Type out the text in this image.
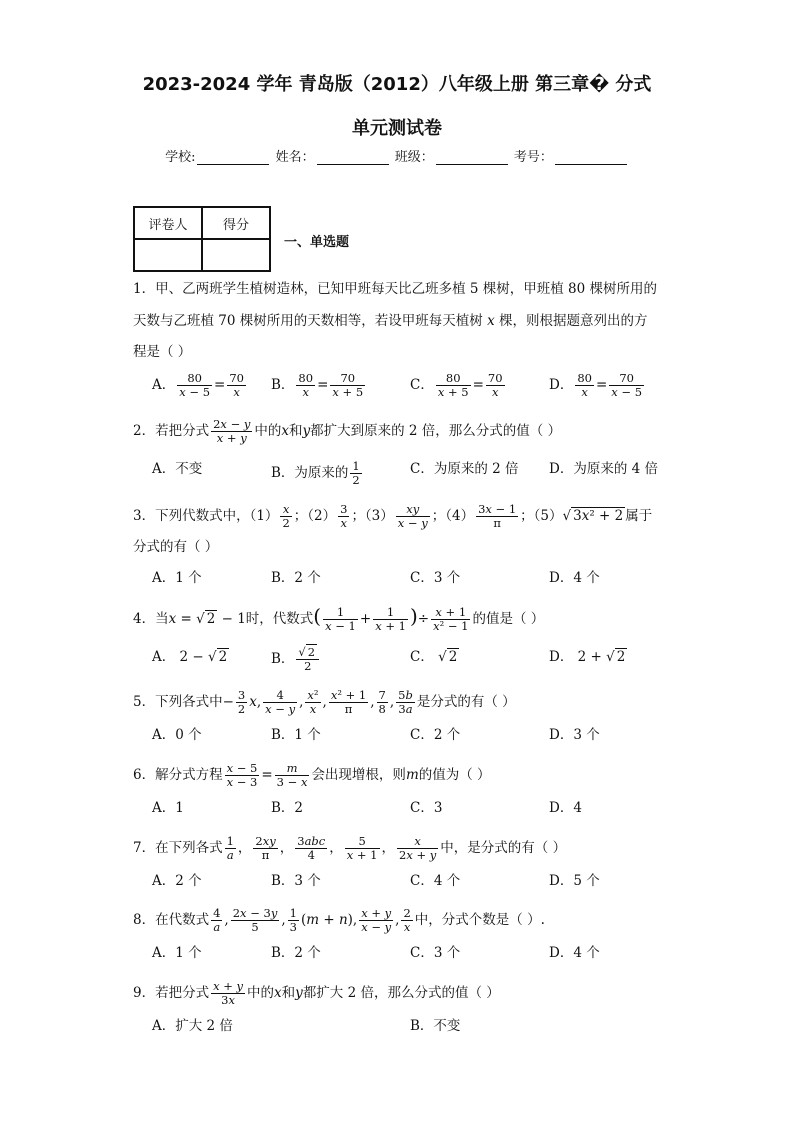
2023-2024 学年 青岛版（2012）八年级上册 第三章� 分式
单元测试卷
学校:	姓名：	班级：	考号：
评卷人	得分

一、单选题
1．甲、乙两班学生植树造林，已知甲班每天比乙班多植 5 棵树，甲班植 80 棵树所用的
天数与乙班植 70 棵树所用的天数相等，若设甲班每天植树 x 棵，则根据题意列出的方
程是（ ）
A． $\frac{80}{x - 5} = \frac{70}{x}$ B． $\frac{80}{x} = \frac{70}{x + 5}$	C． $\frac{80}{x + 5} = \frac{70}{x}$	D． $\frac{80}{x} = \frac{70}{x - 5}$
2．若把分式 $\frac{2x - y}{x + y}$ 中的x和y都扩大到原来的 2 倍，那么分式的值（ ）
A．不变	B．为原来的 $\frac{1}{2}$	C．为原来的 2 倍 D．为原来的 4 倍
3．下列代数式中，$(1) \frac{x}{2}$ ；$(2) \frac{3}{x}$ ；$(3) \frac{xy}{x - y}$ ；$(4) \frac{3x - 1}{\pi}$ ；（5）√ 3x² + 2 属于
分式的有（ ）
A．1 个	B．2 个	C．3 个	D．4 个
4．当x = √ 2 − 1时，代数式( $\frac{1}{x - 1} + \frac{1}{x + 1}$ )÷ $\frac{x + 1}{\text{x² − 1}}$ 的值是（ ）
A． 2 − √ 2	B． $\frac{√ 2}{2}$	C． √ 2	D． 2 + √ 2
5．下列各式中− $\frac{3}{2} x$, $\frac{4}{x - y}$ , $\frac{\text{x²}}{x}$ , $\frac{\text{x² + 1}}{\pi}$ , $\frac{7}{8}$ , $\frac{5b}{3a}$ 是分式的有（ ）
A．0 个	B．1 个	C．2 个	D．3 个
6．解分式方程 $\frac{x - 5}{x - 3} = \frac{m}{3 - x}$ 会出现增根，则m的值为（ ）
A．1	B．2	C．3	D．4
7．在下列各式 $\frac{1}{a}$ ， $\frac{2xy}{\pi}$ ， $\frac{\text{3abc}}{4}$ ， $\frac{5}{x + 1}$ ， $\frac{x}{2x + y}$ 中，是分式的有（ ）
A．2 个	B．3 个	C．4 个	D．5 个
8．在代数式 $\frac{4}{a}$ , $\frac{2x - 3y}{5}$ , $\frac{1}{3} (m + n)$, $\frac{x + y}{x - y}$ , $\frac{2}{x}$ 中，分式个数是（ ）.
A．1 个	B．2 个	C．3 个	D．4 个
9．若把分式 $\frac{x + y}{3x}$ 中的x和y都扩大 2 倍，那么分式的值（ ）
A．扩大 2 倍	B．不变
